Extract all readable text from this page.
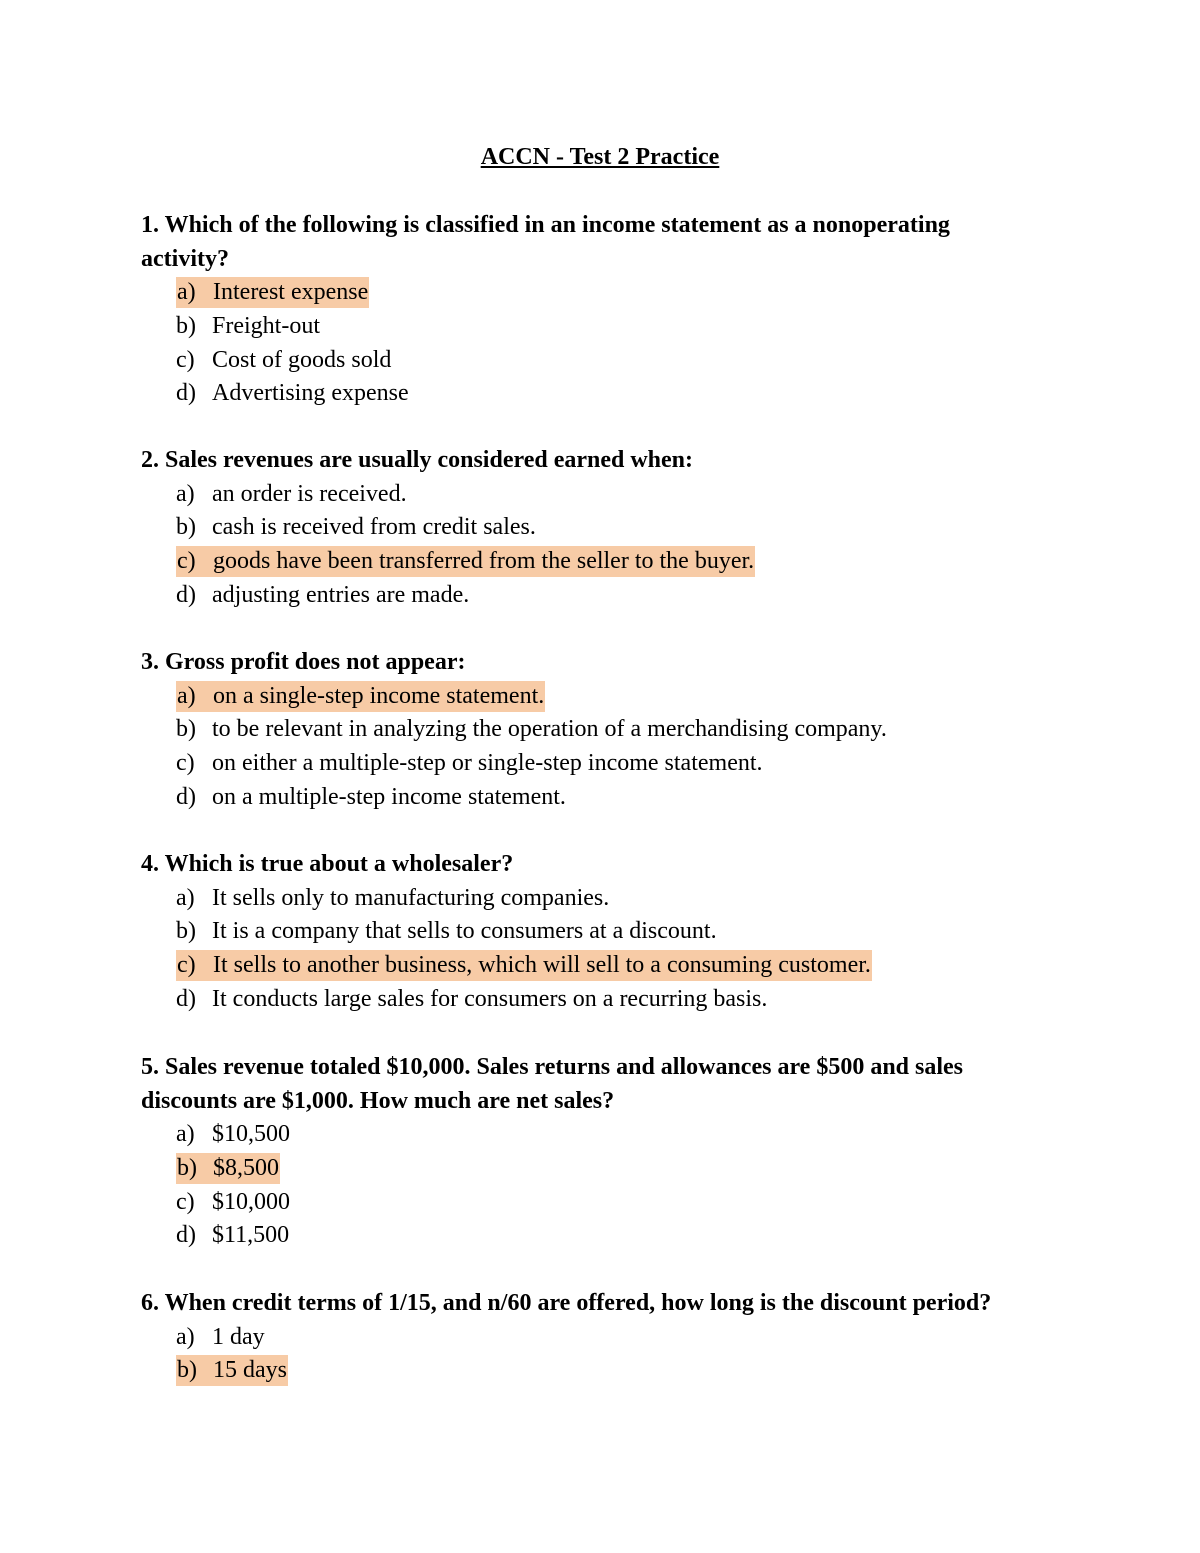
ACCN - Test 2 Practice

1. Which of the following is classified in an income statement as a nonoperating activity?

a) Interest expense
b) Freight-out
c) Cost of goods sold
d) Advertising expense

2. Sales revenues are usually considered earned when:

a) an order is received.
b) cash is received from credit sales.
c) goods have been transferred from the seller to the buyer.
d) adjusting entries are made.

3. Gross profit does not appear:

a) on a single-step income statement.
b) to be relevant in analyzing the operation of a merchandising company.
c) on either a multiple-step or single-step income statement.
d) on a multiple-step income statement.

4. Which is true about a wholesaler?

a) It sells only to manufacturing companies.
b) It is a company that sells to consumers at a discount.
c) It sells to another business, which will sell to a consuming customer.
d) It conducts large sales for consumers on a recurring basis.

5. Sales revenue totaled $10,000. Sales returns and allowances are $500 and sales discounts are $1,000. How much are net sales?

a) $10,500
b) $8,500
c) $10,000
d) $11,500

6. When credit terms of 1/15, and n/60 are offered, how long is the discount period?

a) 1 day
b) 15 days
